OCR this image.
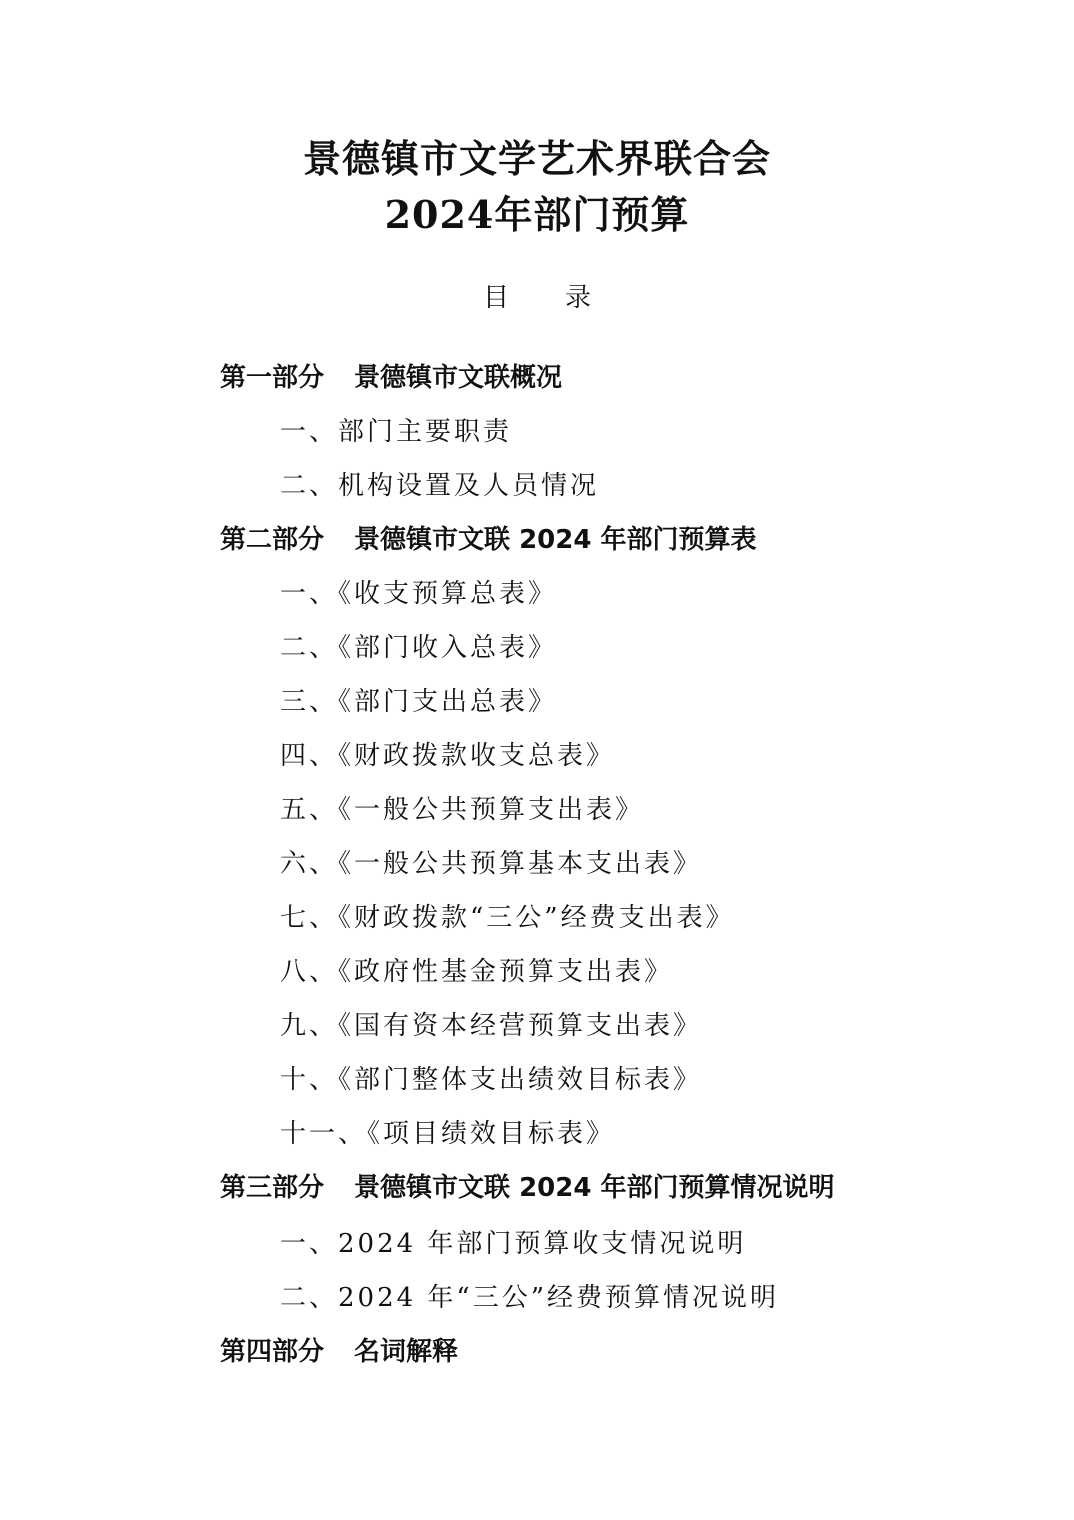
景德镇市文学艺术界联合会
2024年部门预算
目 录
第一部分 景德镇市文联概况
一、部门主要职责
二、机构设置及人员情况
第二部分 景德镇市文联 2024 年部门预算表
一、《收支预算总表》
二、《部门收入总表》
三、《部门支出总表》
四、《财政拨款收支总表》
五、《一般公共预算支出表》
六、《一般公共预算基本支出表》
七、《财政拨款“三公”经费支出表》
八、《政府性基金预算支出表》
九、《国有资本经营预算支出表》
十、《部门整体支出绩效目标表》
十一、《项目绩效目标表》
第三部分 景德镇市文联 2024 年部门预算情况说明
一、2024 年部门预算收支情况说明
二、2024 年“三公”经费预算情况说明
第四部分 名词解释
